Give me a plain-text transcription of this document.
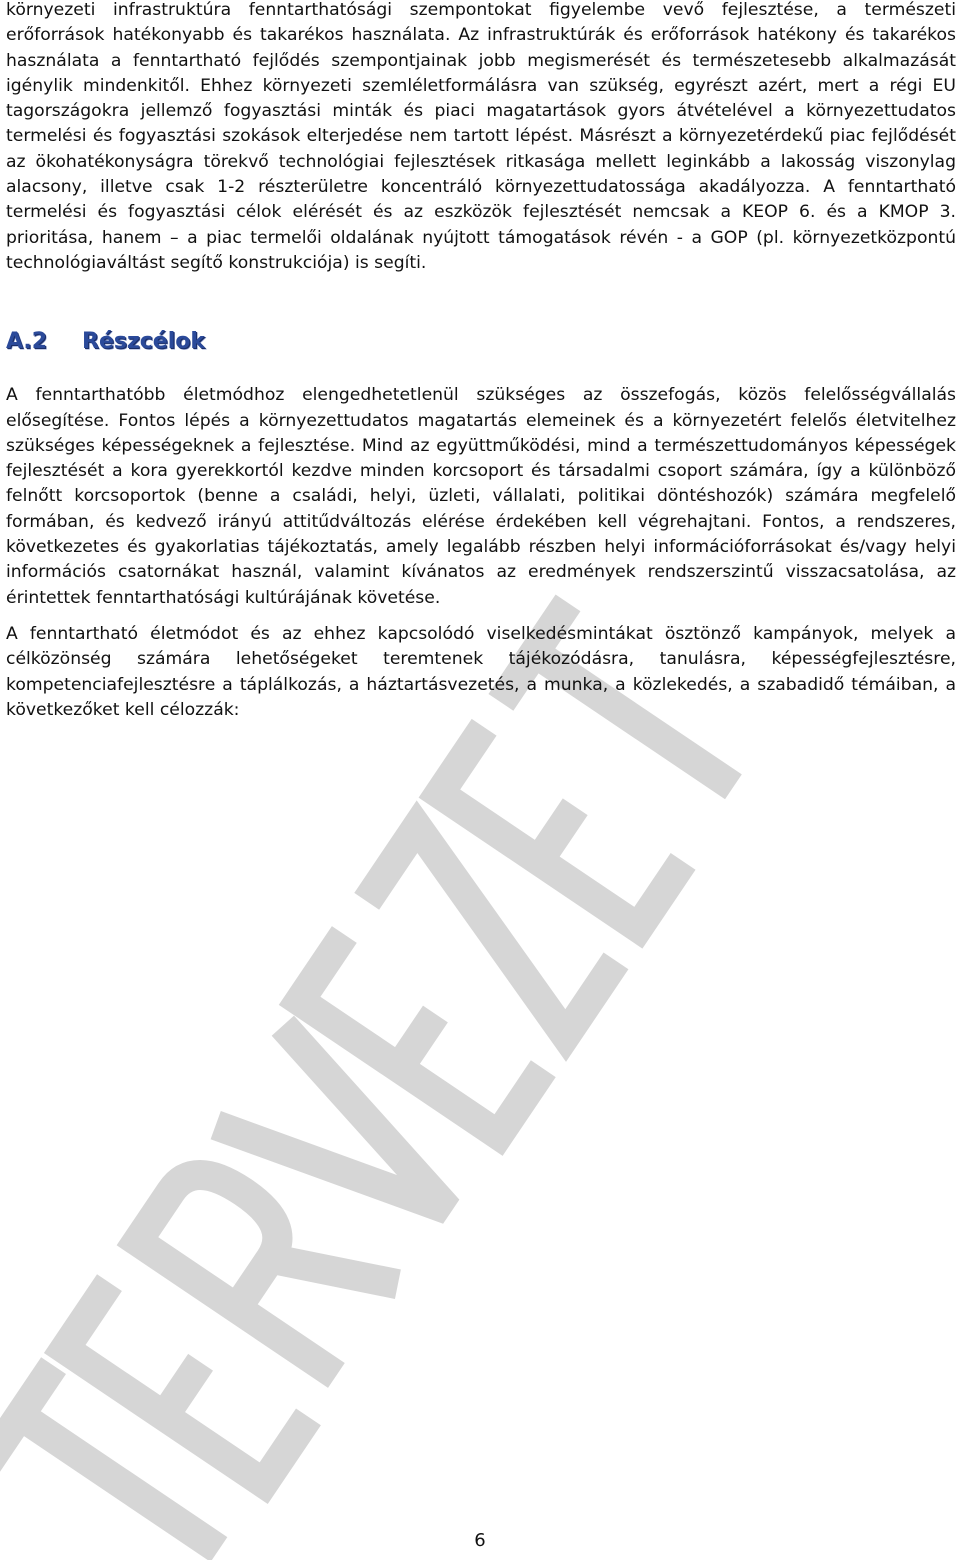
környezeti infrastruktúra fenntarthatósági szempontokat figyelembe vevő fejlesztése, a természeti erőforrások hatékonyabb és takarékos használata. Az infrastruktúrák és erőforrások hatékony és takarékos használata a fenntartható fejlődés szempontjainak jobb megismerését és természetesebb alkalmazását igénylik mindenkitől. Ehhez környezeti szemléletformálásra van szükség, egyrészt azért, mert a régi EU tagországokra jellemző fogyasztási minták és piaci magatartások gyors átvételével a környezettudatos termelési és fogyasztási szokások elterjedése nem tartott lépést. Másrészt a környezetérdekű piac fejlődését az ökohatékonyságra törekvő technológiai fejlesztések ritkasága mellett leginkább a lakosság viszonylag alacsony, illetve csak 1-2 részterületre koncentráló környezettudatossága akadályozza. A fenntartható termelési és fogyasztási célok elérését és az eszközök fejlesztését nemcsak a KEOP 6. és a KMOP 3. prioritása, hanem – a piac termelői oldalának nyújtott támogatások révén - a GOP (pl. környezetközpontú technológiaváltást segítő konstrukciója) is segíti.

A.2	Részcélok

A fenntarthatóbb életmódhoz elengedhetetlenül szükséges az összefogás, közös felelősségvállalás elősegítése. Fontos lépés a környezettudatos magatartás elemeinek és a környezetért felelős életvitelhez szükséges képességeknek a fejlesztése. Mind az együttműködési, mind a természettudományos képességek fejlesztését a kora gyerekkortól kezdve minden korcsoport és társadalmi csoport számára, így a különböző felnőtt korcsoportok (benne a családi, helyi, üzleti, vállalati, politikai döntéshozók) számára megfelelő formában, és kedvező irányú attitűdváltozás elérése érdekében kell végrehajtani. Fontos, a rendszeres, következetes és gyakorlatias tájékoztatás, amely legalább részben helyi információforrásokat és/vagy helyi információs csatornákat használ, valamint kívánatos az eredmények rendszerszintű visszacsatolása, az érintettek fenntarthatósági kultúrájának követése.

A fenntartható életmódot és az ehhez kapcsolódó viselkedésmintákat ösztönző kampányok, melyek a célközönség számára lehetőségeket teremtenek tájékozódásra, tanulásra, képességfejlesztésre, kompetenciafejlesztésre a táplálkozás, a háztartásvezetés, a munka, a közlekedés, a szabadidő témáiban, a következőket kell célozzák:

6
